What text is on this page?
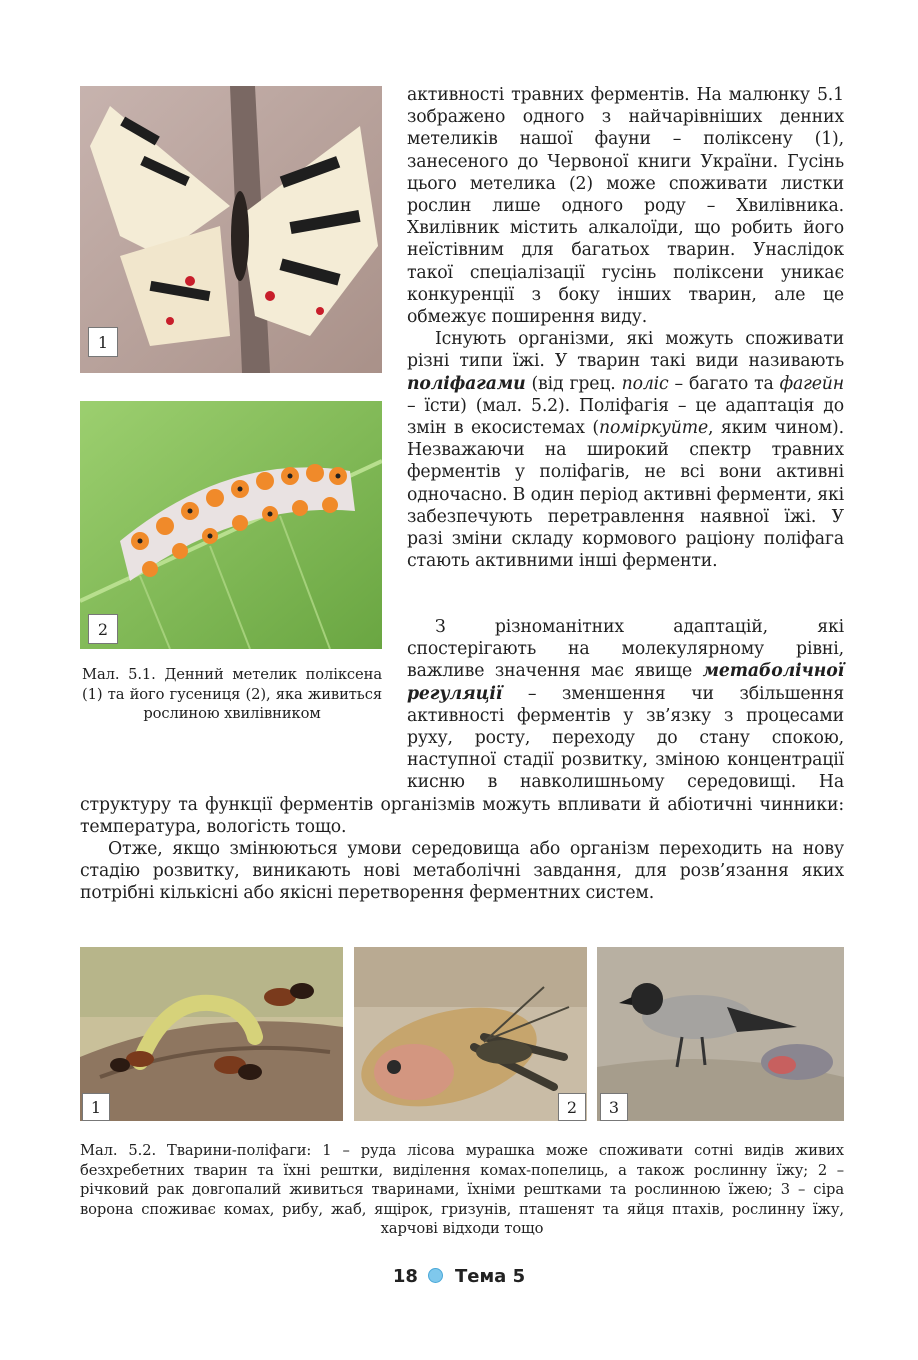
1
2
Мал. 5.1. Денний метелик поліксена (1) та його гусениця (2), яка живиться рослиною хвилівником

активності травних ферментів. На малюнку 5.1 зображено одного з найчарівніших денних метеликів нашої фауни – поліксену (1), занесеного до Червоної книги України. Гусінь цього метелика (2) може споживати листки рослин лише одного роду – Хвилівника. Хвилівник містить алкалоїди, що робить його неїстівним для багатьох тварин. Унаслідок такої спеціалізації гусінь поліксени уникає конкуренції з боку інших тварин, але це обмежує поширення виду.

Існують організми, які можуть споживати різні типи їжі. У тварин такі види називають поліфагами (від грец. поліс – багато та фагейн – їсти) (мал. 5.2). Поліфагія – це адаптація до змін в екосистемах (поміркуйте, яким чином). Незважаючи на широкий спектр травних ферментів у поліфагів, не всі вони активні одночасно. В один період активні ферменти, які забезпечують перетравлення наявної їжі. У разі зміни складу кормового раціону поліфага стають активними інші ферменти.

З різноманітних адаптацій, які спостерігають на молекулярному рівні, важливе значення має явище метаболічної регуляції – зменшення чи збільшення активності ферментів у зв’язку з процесами руху, росту, переходу до стану спокою, наступної стадії розвитку, зміною концентрації кисню в навколишньому середовищі. На структуру та функції ферментів організмів можуть впливати й абіотичні чинники: температура, вологість тощо.

Отже, якщо змінюються умови середовища або організм переходить на нову стадію розвитку, виникають нові метаболічні завдання, для розв’язання яких потрібні кількісні або якісні перетворення ферментних систем.

1	2	3
Мал. 5.2. Тварини-поліфаги: 1 – руда лісова мурашка може споживати сотні видів живих безхребетних тварин та їхні рештки, виділення комах-попелиць, а також рослинну їжу; 2 – річковий рак довгопалий живиться тваринами, їхніми рештками та рослинною їжею; 3 – сіра ворона споживає комах, рибу, жаб, ящірок, гризунів, пташенят та яйця птахів, рослинну їжу, харчові відходи тощо
18 Тема 5
